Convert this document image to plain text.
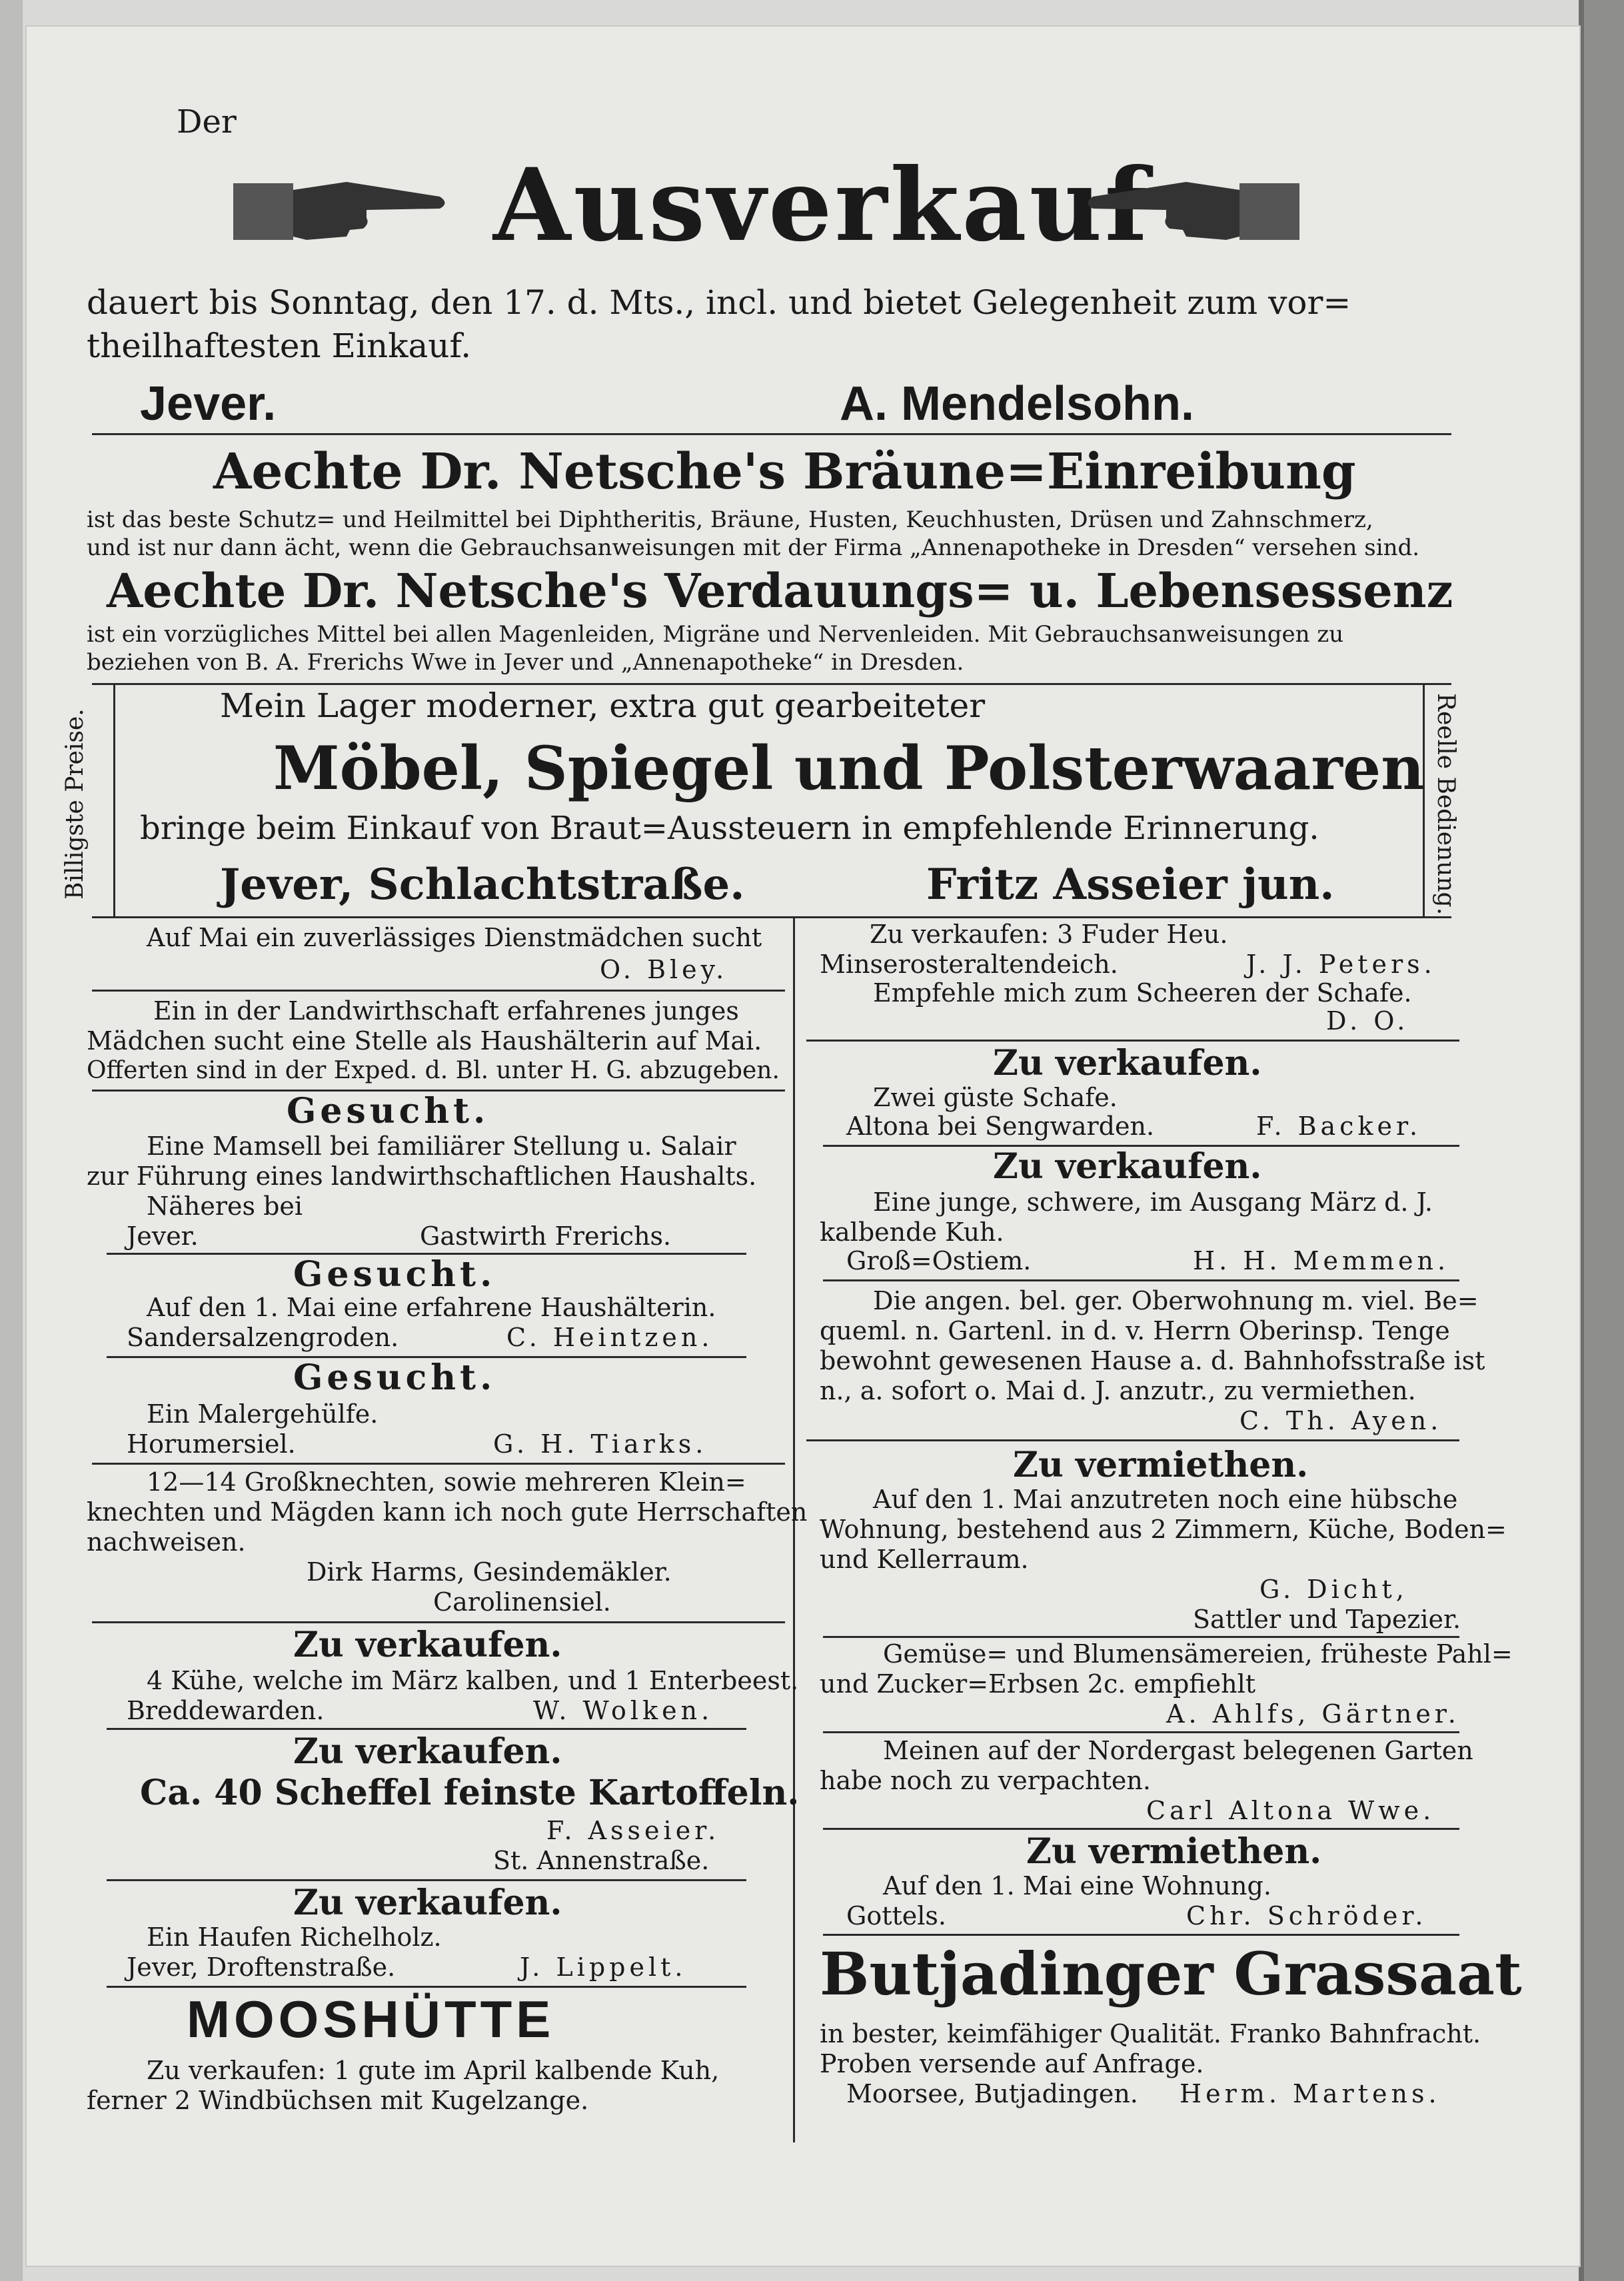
Der
Ausverkauf
dauert bis Sonntag, den 17. d. Mts., incl. und bietet Gelegenheit zum vor=
theilhaftesten Einkauf.
Jever.	A. Mendelsohn.
Aechte Dr. Netsche's Bräune=Einreibung
ist das beste Schutz= und Heilmittel bei Diphtheritis, Bräune, Husten, Keuchhusten, Drüsen und Zahnschmerz,
und ist nur dann ächt, wenn die Gebrauchsanweisungen mit der Firma „Annenapotheke in Dresden“ versehen sind.
Aechte Dr. Netsche's Verdauungs= u. Lebensessenz
ist ein vorzügliches Mittel bei allen Magenleiden, Migräne und Nervenleiden. Mit Gebrauchsanweisungen zu
beziehen von B. A. Frerichs Wwe in Jever und „Annenapotheke“ in Dresden.
Billigste Preise.	Reelle Bedienung.
Mein Lager moderner, extra gut gearbeiteter
Möbel, Spiegel und Polsterwaaren
bringe beim Einkauf von Braut=Aussteuern in empfehlende Erinnerung.
Jever, Schlachtstraße.	Fritz Asseier jun.
Auf Mai ein zuverlässiges Dienstmädchen sucht
O. Bley.
Ein in der Landwirthschaft erfahrenes junges
Mädchen sucht eine Stelle als Haushälterin auf Mai.
Offerten sind in der Exped. d. Bl. unter H. G. abzugeben.
Gesucht.
Eine Mamsell bei familiärer Stellung u. Salair
zur Führung eines landwirthschaftlichen Haushalts.
Näheres bei
Jever.	Gastwirth Frerichs.
Gesucht.
Auf den 1. Mai eine erfahrene Haushälterin.
Sandersalzengroden.	C. Heintzen.
Gesucht.
Ein Malergehülfe.
Horumersiel.	G. H. Tiarks.
12—14 Großknechten, sowie mehreren Klein=
knechten und Mägden kann ich noch gute Herrschaften
nachweisen.
Dirk Harms, Gesindemäkler.
Carolinensiel.
Zu verkaufen.
4 Kühe, welche im März kalben, und 1 Enterbeest.
Breddewarden.	W. Wolken.
Zu verkaufen.
Ca. 40 Scheffel feinste Kartoffeln.
F. Asseier.
St. Annenstraße.
Zu verkaufen.
Ein Haufen Richelholz.
Jever, Droftenstraße.	J. Lippelt.
MOOSHÜTTE
Zu verkaufen: 1 gute im April kalbende Kuh,
ferner 2 Windbüchsen mit Kugelzange.
Zu verkaufen: 3 Fuder Heu.
Minserosteraltendeich.	J. J. Peters.
Empfehle mich zum Scheeren der Schafe.
D. O.
Zu verkaufen.
Zwei güste Schafe.
Altona bei Sengwarden.	F. Backer.
Zu verkaufen.
Eine junge, schwere, im Ausgang März d. J.
kalbende Kuh.
Groß=Ostiem.	H. H. Memmen.
Die angen. bel. ger. Oberwohnung m. viel. Be=
queml. n. Gartenl. in d. v. Herrn Oberinsp. Tenge
bewohnt gewesenen Hause a. d. Bahnhofsstraße ist
n., a. sofort o. Mai d. J. anzutr., zu vermiethen.
C. Th. Ayen.
Zu vermiethen.
Auf den 1. Mai anzutreten noch eine hübsche
Wohnung, bestehend aus 2 Zimmern, Küche, Boden=
und Kellerraum.
G. Dicht,
Sattler und Tapezier.
Gemüse= und Blumensämereien, früheste Pahl=
und Zucker=Erbsen 2c. empfiehlt
A. Ahlfs, Gärtner.
Meinen auf der Nordergast belegenen Garten
habe noch zu verpachten.
Carl Altona Wwe.
Zu vermiethen.
Auf den 1. Mai eine Wohnung.
Gottels.	Chr. Schröder.
Butjadinger Grassaat
in bester, keimfähiger Qualität. Franko Bahnfracht.
Proben versende auf Anfrage.
Moorsee, Butjadingen. Herm. Martens.
